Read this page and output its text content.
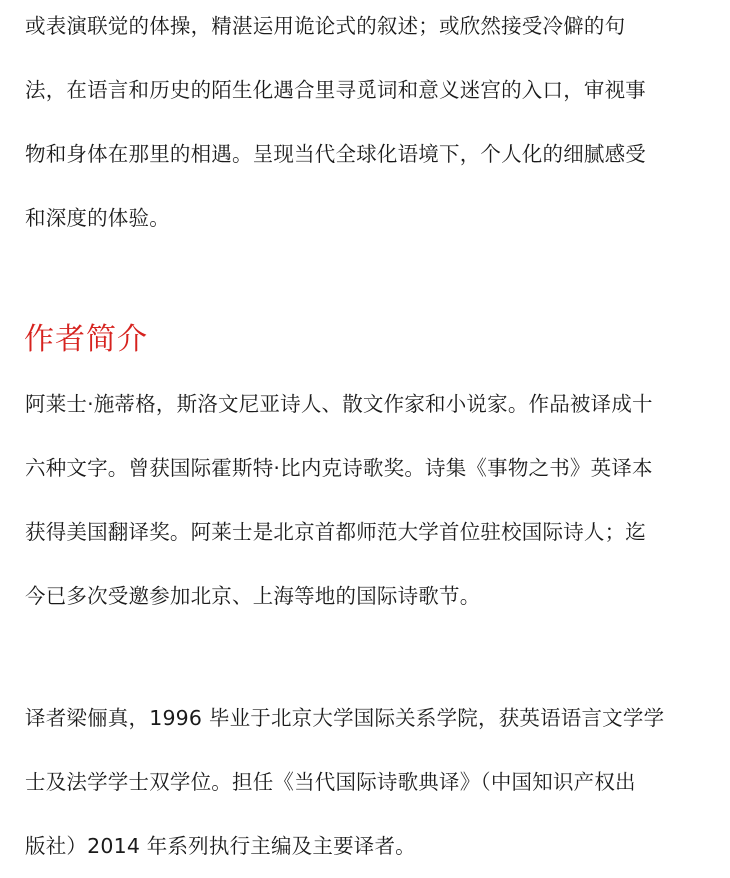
或表演联觉的体操，精湛运用诡论式的叙述；或欣然接受冷僻的句
法，在语言和历史的陌生化遇合里寻觅词和意义迷宫的入口，审视事
物和身体在那里的相遇。呈现当代全球化语境下，个人化的细腻感受
和深度的体验。

作者简介

阿莱士·施蒂格，斯洛文尼亚诗人、散文作家和小说家。作品被译成十
六种文字。曾获国际霍斯特·比内克诗歌奖。诗集《事物之书》英译本
获得美国翻译奖。阿莱士是北京首都师范大学首位驻校国际诗人；迄
今已多次受邀参加北京、上海等地的国际诗歌节。

译者梁俪真，1996 毕业于北京大学国际关系学院，获英语语言文学学
士及法学学士双学位。担任《当代国际诗歌典译》（中国知识产权出
版社）2014 年系列执行主编及主要译者。
